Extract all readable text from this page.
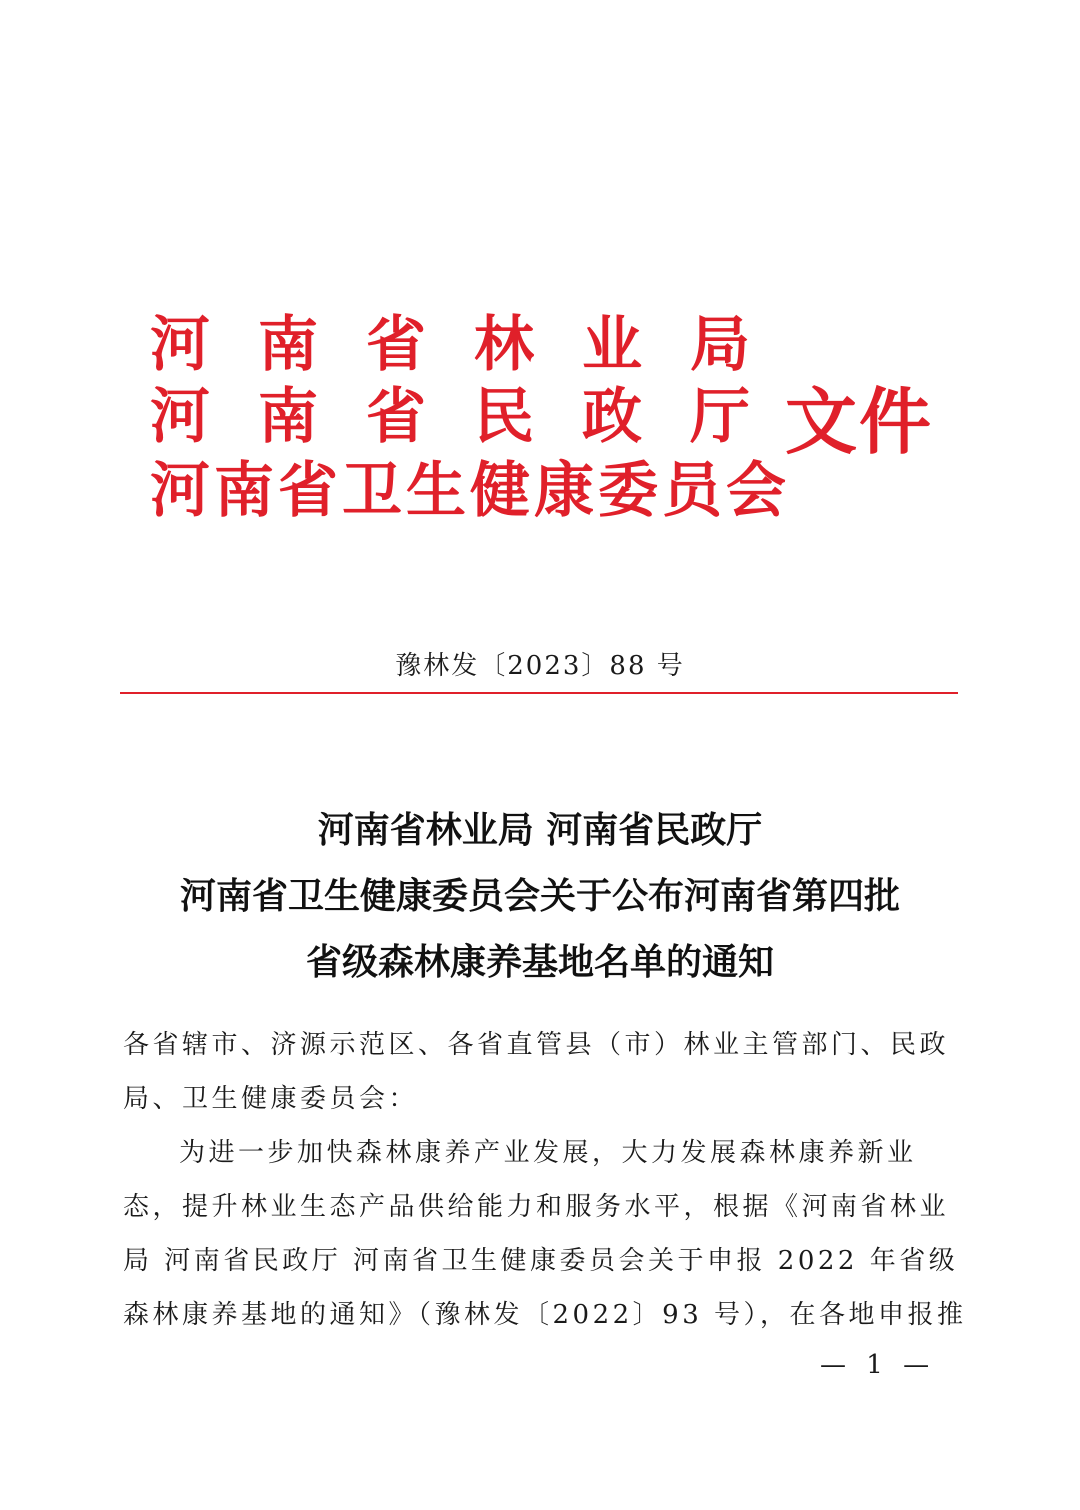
河南省林业局
河南省民政厅
河南省卫生健康委员会
文件
豫林发〔2023〕88 号
河南省林业局 河南省民政厅
河南省卫生健康委员会关于公布河南省第四批
省级森林康养基地名单的通知
各省辖市、济源示范区、各省直管县（市）林业主管部门、民政
局、卫生健康委员会：
为进一步加快森林康养产业发展，大力发展森林康养新业
态，提升林业生态产品供给能力和服务水平，根据《河南省林业
局 河南省民政厅 河南省卫生健康委员会关于申报 2022 年省级
森林康养基地的通知》（豫林发〔2022〕93 号），在各地申报推
— 1 —
